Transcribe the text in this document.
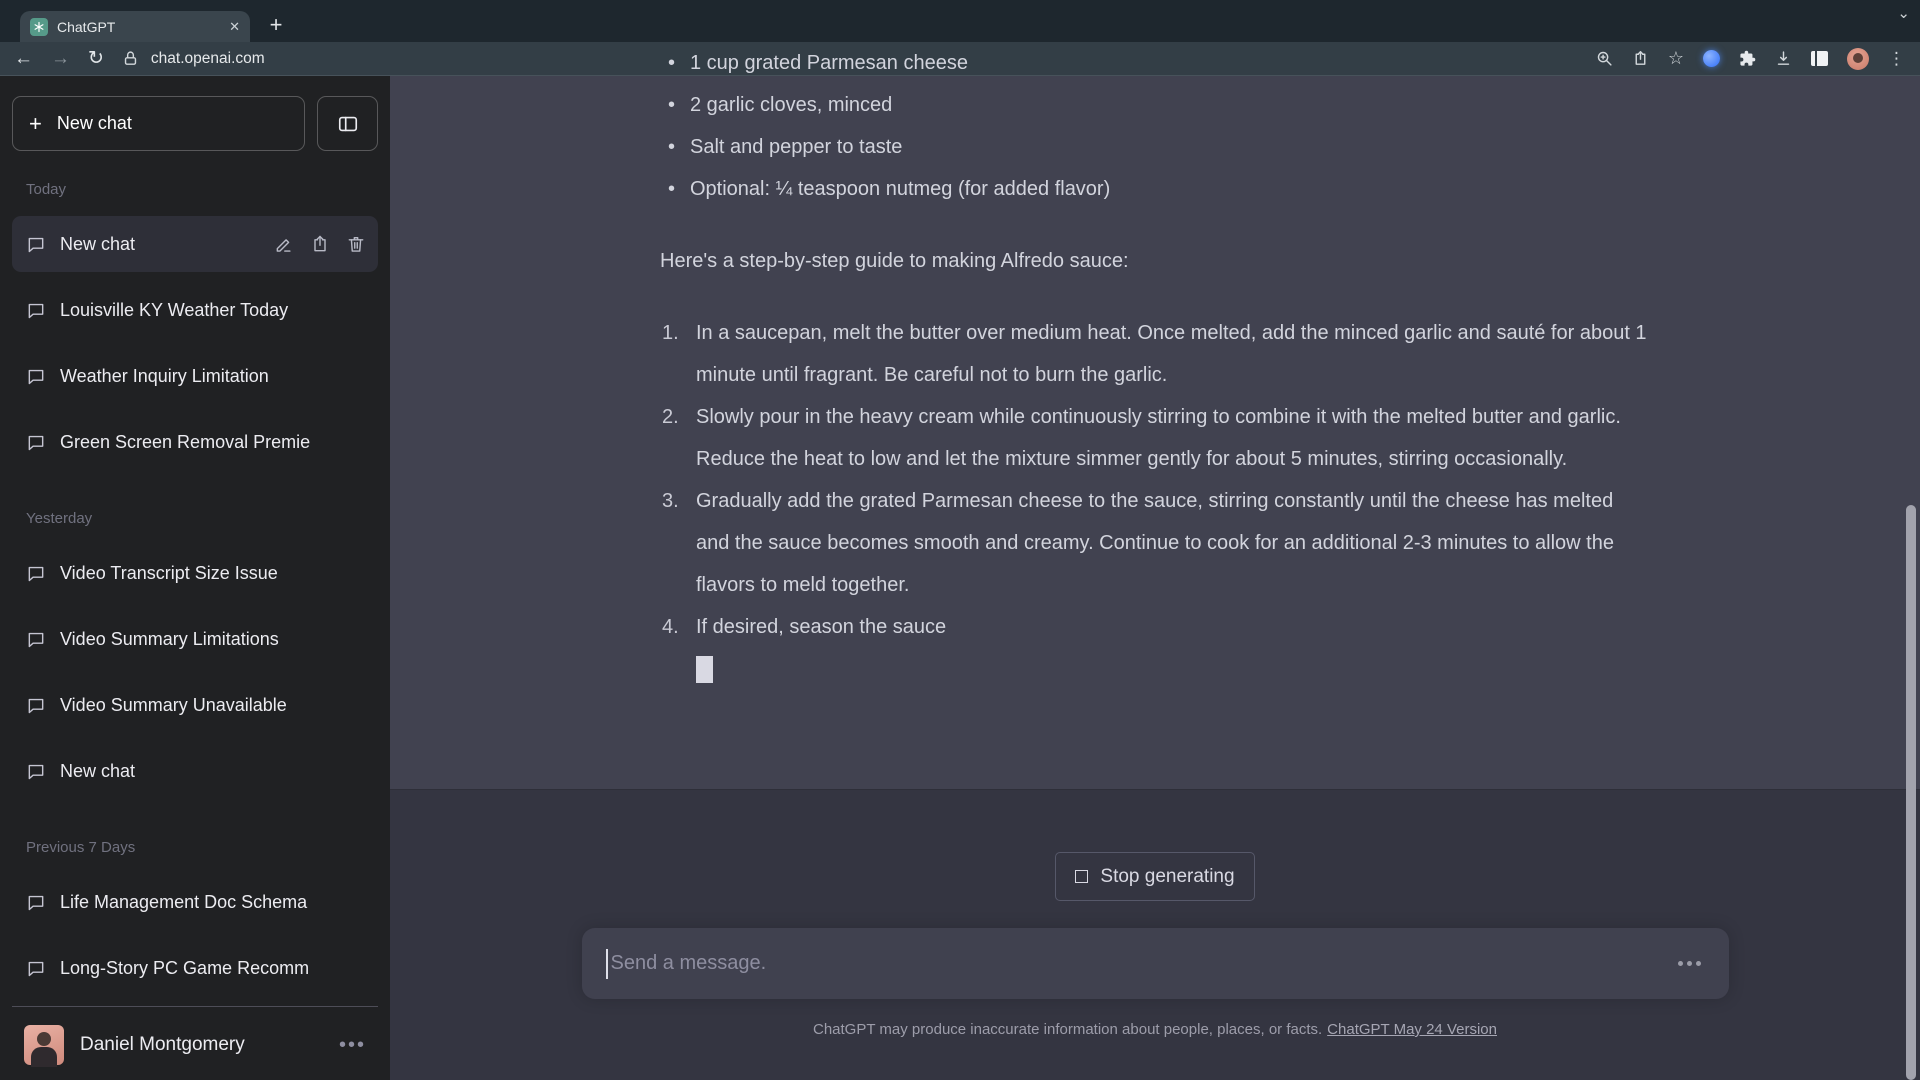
ChatGPT	✕	+	⌄
← → ↻	chat.openai.com	☆	⋮
+ New chat
Today
New chat
Louisville KY Weather Today
Weather Inquiry Limitation
Green Screen Removal Premie
Yesterday
Video Transcript Size Issue
Video Summary Limitations
Video Summary Unavailable
New chat
Previous 7 Days
Life Management Doc Schema
Long-Story PC Game Recomm
Daniel Montgomery	•••
• 1 cup grated Parmesan cheese
• 2 garlic cloves, minced
• Salt and pepper to taste
• Optional: ¼ teaspoon nutmeg (for added flavor)

Here's a step-by-step guide to making Alfredo sauce:

In a saucepan, melt the butter over medium heat. Once melted, add the minced garlic and sauté for about 1 minute until fragrant. Be careful not to burn the garlic.
Slowly pour in the heavy cream while continuously stirring to combine it with the melted butter and garlic. Reduce the heat to low and let the mixture simmer gently for about 5 minutes, stirring occasionally.
Gradually add the grated Parmesan cheese to the sauce, stirring constantly until the cheese has melted and the sauce becomes smooth and creamy. Continue to cook for an additional 2-3 minutes to allow the flavors to meld together.
If desired, season the sauce
Stop generating
Send a message.
ChatGPT may produce inaccurate information about people, places, or facts. ChatGPT May 24 Version
